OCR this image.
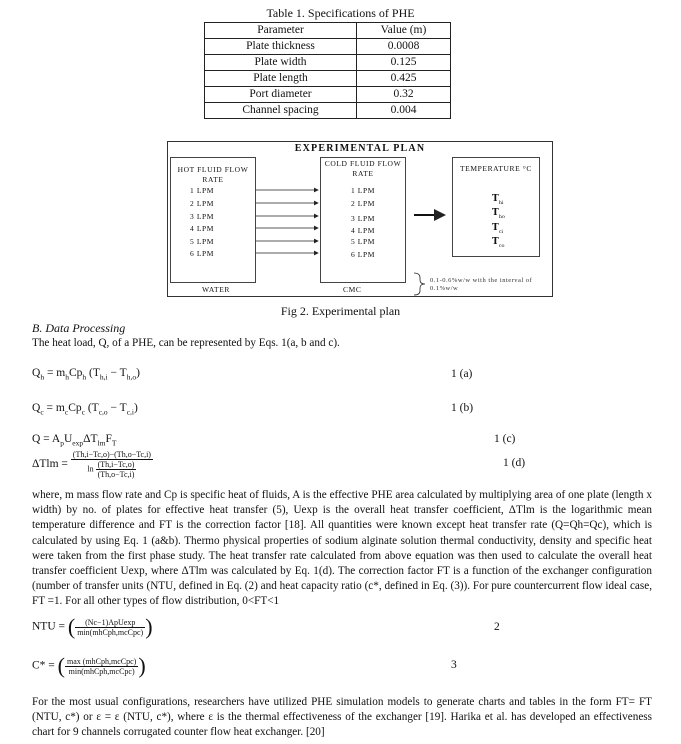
Table 1. Specifications of PHE
Parameter	Value (m)
Plate thickness	0.0008
Plate width	0.125
Plate length	0.425
Port diameter	0.32
Channel spacing	0.004
EXPERIMENTAL PLAN
HOT FLUID FLOW RATE
1 LPM
2 LPM
3 LPM
4 LPM
5 LPM
6 LPM
WATER
COLD FLUID FLOW RATE
1 LPM
2 LPM
3 LPM
4 LPM
5 LPM
6 LPM
CMC
TEMPERATURE °C
$T_{hi}$
$T_{ho}$
$T_{ci}$
$T_{co}$
0.1-0.6%w/w with the interval of 0.1%w/w
Fig 2. Experimental plan
B. Data Processing
The heat load, Q, of a PHE, can be represented by Eqs. 1(a, b and c).
$Q_h = m_hCp_h$ $(T_{h,i} - T_{h,o})$	1 (a)
$Q_c = m_cCp_c$ $(T_{c,o} - T_{c,i})$	1 (b)
$Q = A_pU_{exp}\Delta T_{lm}F_T$	1 (c)
$\Delta Tlm = \frac{(Th,i-Tc,o)-(Th,o-Tc,i)}{\ln \frac{(Th,i-Tc,o)}{(Th,o-Tc,i)}}$	1 (d)
where, m mass flow rate and Cp is specific heat of fluids, A is the effective PHE area calculated by multiplying area of one plate (length x width) by no. of plates for effective heat transfer (5), Uexp is the overall heat transfer coefficient, ΔTlm is the logarithmic mean temperature difference and FT is the correction factor [18]. All quantities were known except heat transfer rate (Q=Qh=Qc), which is calculated by using Eq. 1 (a&b). Thermo physical properties of sodium alginate solution thermal conductivity, density and specific heat were taken from the first phase study. The heat transfer rate calculated from above equation was then used to calculate the overall heat transfer coefficient Uexp, where ΔTlm was calculated by Eq. 1(d). The correction factor FT is a function of the exchanger configuration (number of transfer units (NTU, defined in Eq. (2) and heat capacity ratio (c*, defined in Eq. (3)). For pure countercurrent flow ideal case, FT =1. For all other types of flow distribution, 0<FT<1
NTU = ( $\frac{\text{(Nc−1)ApUexp}}{\text{min(mhCph,mcCpc)}}$ )	2
C* = ( $\frac{\text{max (mhCph,mcCpc)}}{\text{min(mhCph,mcCpc)}}$ )	3
For the most usual configurations, researchers have utilized PHE simulation models to generate charts and tables in the form FT= FT (NTU, c*) or ε = ε (NTU, c*), where ε is the thermal effectiveness of the exchanger [19]. Harika et al. has developed an effectiveness chart for 9 channels corrugated counter flow heat exchanger. [20]
